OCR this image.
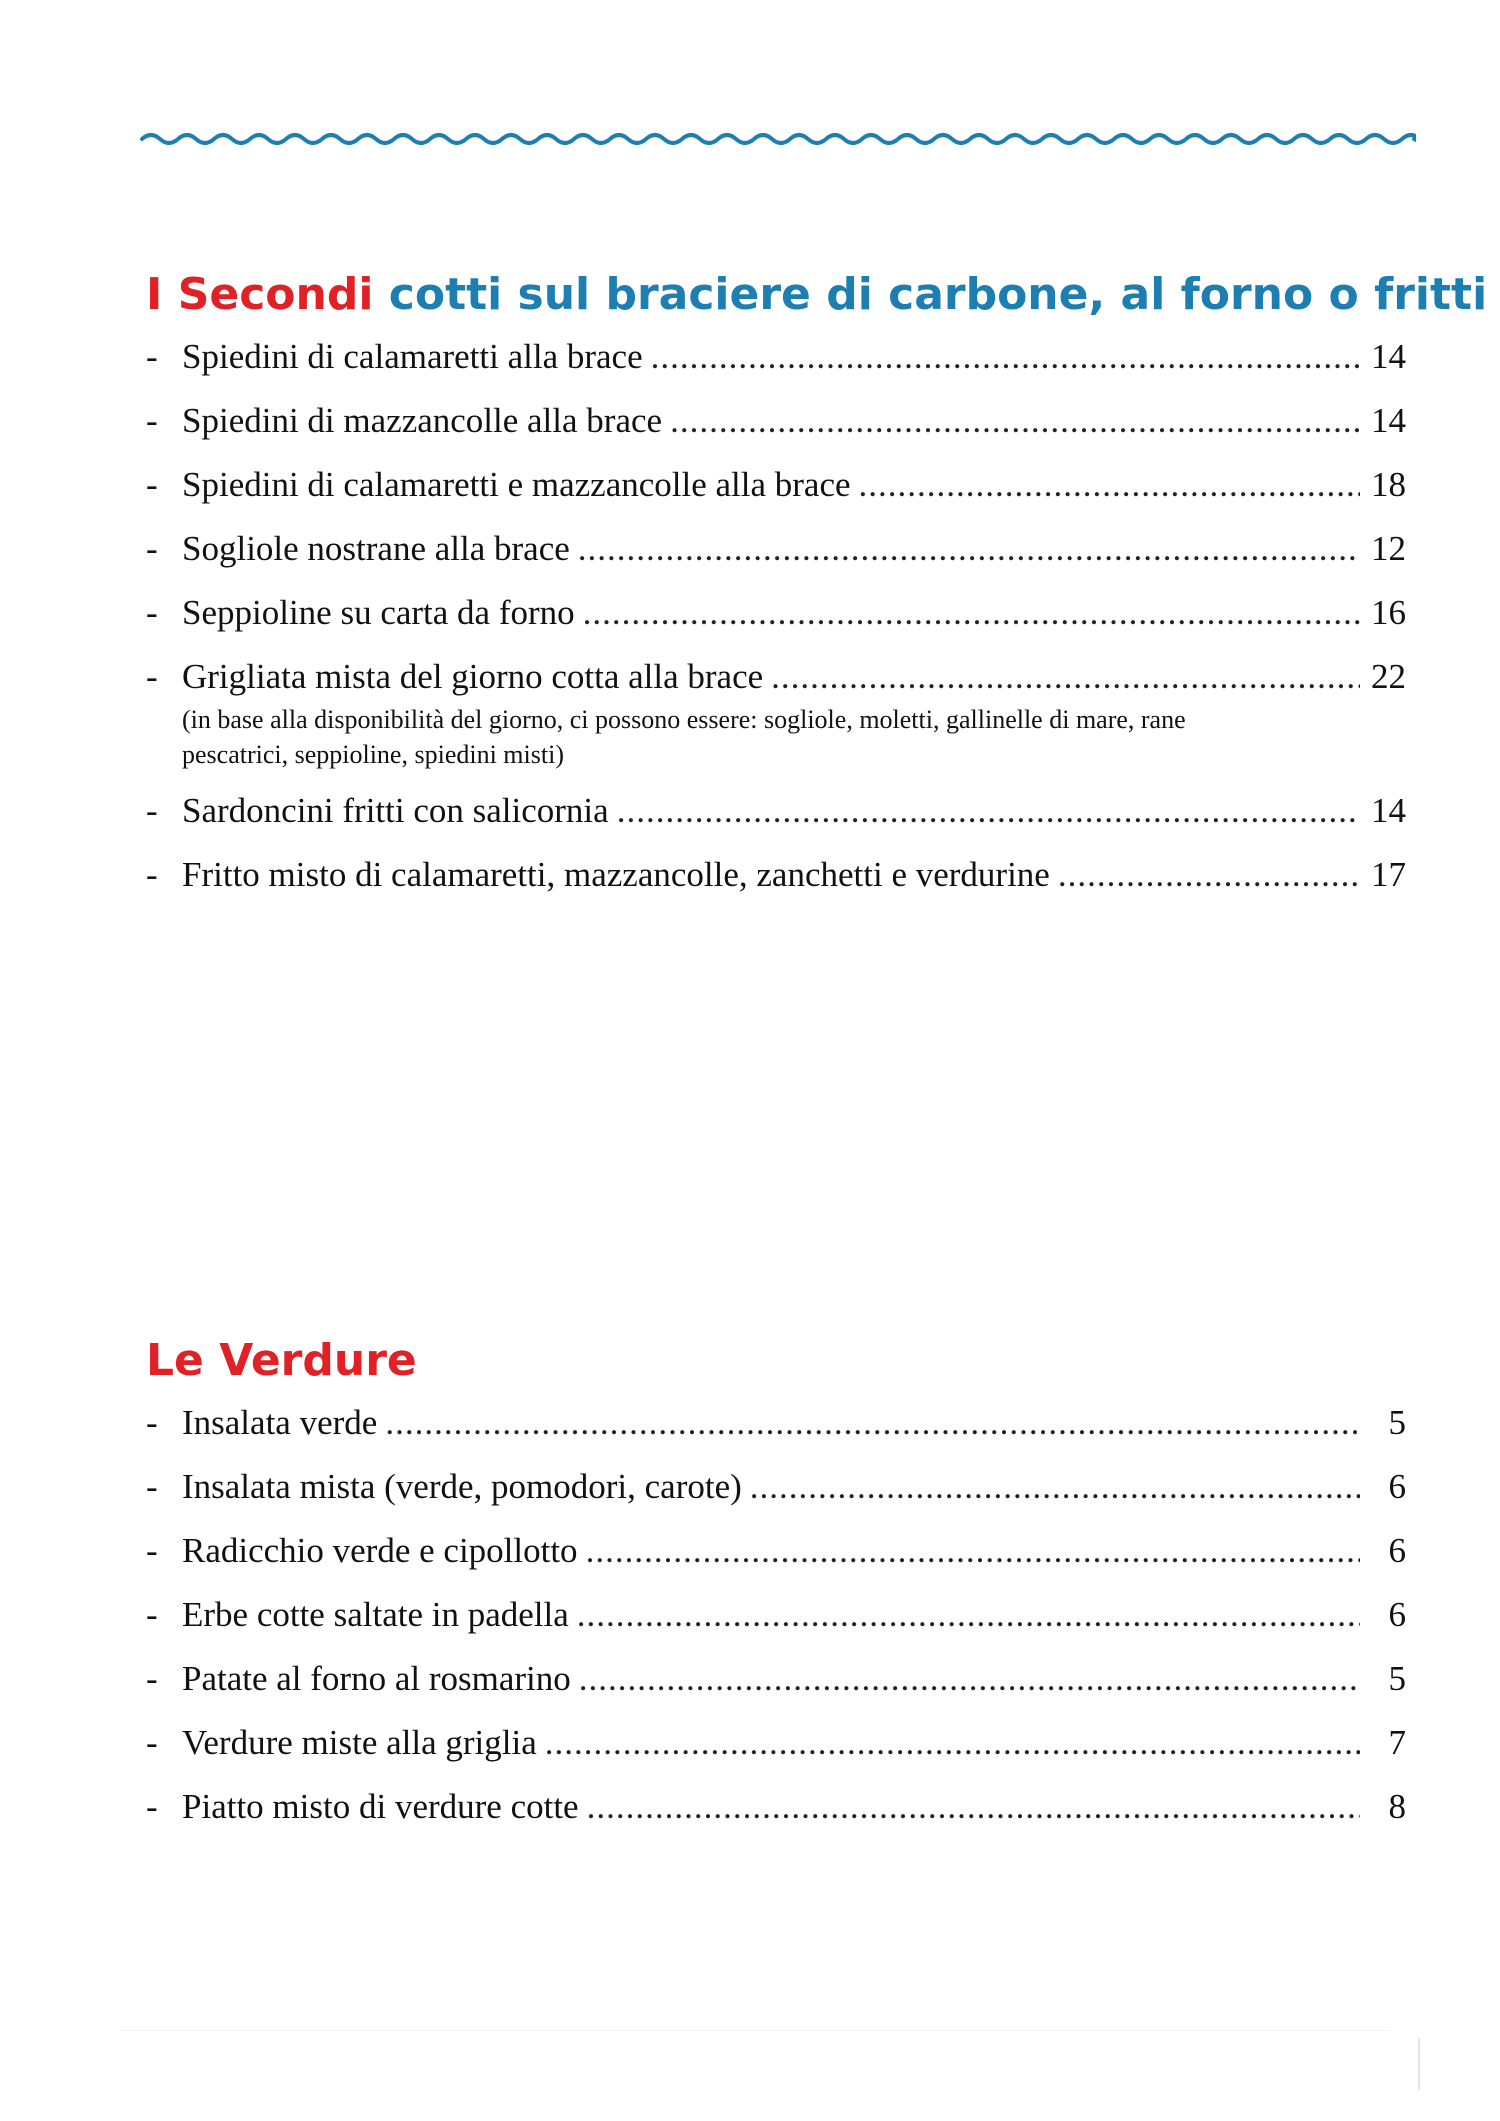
I Secondi cotti sul braciere di carbone, al forno o fritti
- Spiedini di calamaretti alla brace .....	14
- Spiedini di mazzancolle alla brace .....	14
- Spiedini di calamaretti e mazzancolle alla brace .....	18
- Sogliole nostrane alla brace .....	12
- Seppioline su carta da forno .....	16
- Grigliata mista del giorno cotta alla brace .....	22
(in base alla disponibilità del giorno, ci possono essere: sogliole, moletti, gallinelle di mare, rane pescatrici, seppioline, spiedini misti)
- Sardoncini fritti con salicornia .....	14
- Fritto misto di calamaretti, mazzancolle, zanchetti e verdurine .....	17
Le Verdure
- Insalata verde .....	5
- Insalata mista (verde, pomodori, carote) .....	6
- Radicchio verde e cipollotto .....	6
- Erbe cotte saltate in padella .....	6
- Patate al forno al rosmarino .....	5
- Verdure miste alla griglia .....	7
- Piatto misto di verdure cotte .....	8
